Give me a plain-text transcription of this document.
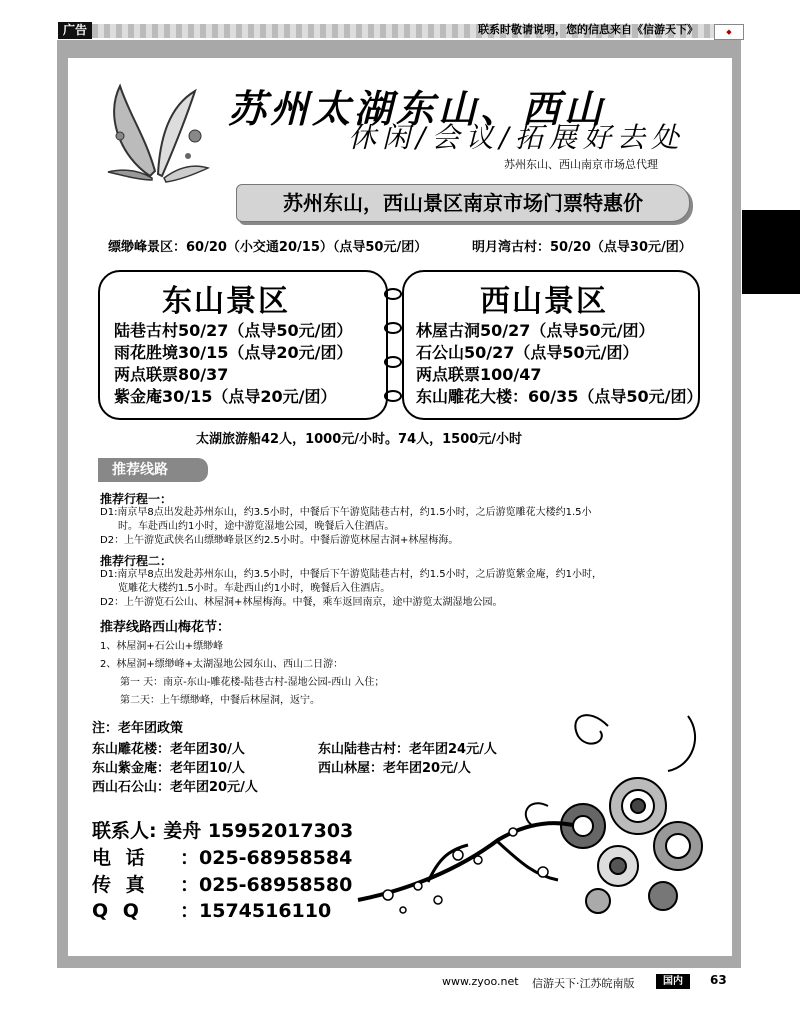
广告	联系时敬请说明，您的信息来自《信游天下》	◆
苏州太湖东山、西山
休闲/会议/拓展好去处
苏州东山、西山南京市场总代理
苏州东山，西山景区南京市场门票特惠价
缥缈峰景区：60/20（小交通20/15）（点导50元/团）	明月湾古村：50/20（点导30元/团）
东山景区
陆巷古村50/27（点导50元/团）
雨花胜境30/15（点导20元/团）
两点联票80/37
紫金庵30/15（点导20元/团）
西山景区
林屋古洞50/27（点导50元/团）
石公山50/27（点导50元/团）
两点联票100/47
东山雕花大楼：60/35（点导50元/团）
太湖旅游船42人，1000元/小时。74人，1500元/小时
推荐线路
推荐行程一：
D1:南京早8点出发赴苏州东山，约3.5小时，中餐后下午游览陆巷古村，约1.5小时，之后游览雕花大楼约1.5小
时。车赴西山约1小时，途中游览湿地公园，晚餐后入住酒店。
D2：上午游览武侠名山缥缈峰景区约2.5小时。中餐后游览林屋古洞+林屋梅海。
推荐行程二：
D1:南京早8点出发赴苏州东山，约3.5小时，中餐后下午游览陆巷古村，约1.5小时，之后游览紫金庵，约1小时，
览雕花大楼约1.5小时。车赴西山约1小时，晚餐后入住酒店。
D2：上午游览石公山、林屋洞+林屋梅海。中餐，乘车返回南京，途中游览太湖湿地公园。
推荐线路西山梅花节：
1、林屋洞+石公山+缥缈峰
2、林屋洞+缥缈峰+太湖湿地公园东山、西山二日游：
第一 天：南京-东山-雕花楼-陆巷古村-湿地公园-西山 入住；
第二天：上午缥缈峰，中餐后林屋洞，返宁。
注：老年团政策
东山雕花楼：老年团30/人	东山陆巷古村：老年团24元/人
东山紫金庵：老年团10/人	西山林屋：老年团20元/人
西山石公山：老年团20元/人
联系人: 姜舟 15952017303
电 话 ：025-68958584
传 真 ：025-68958580
Q Q ：1574516110
www.zyoo.net 信游天下·江苏皖南版	国内	63
